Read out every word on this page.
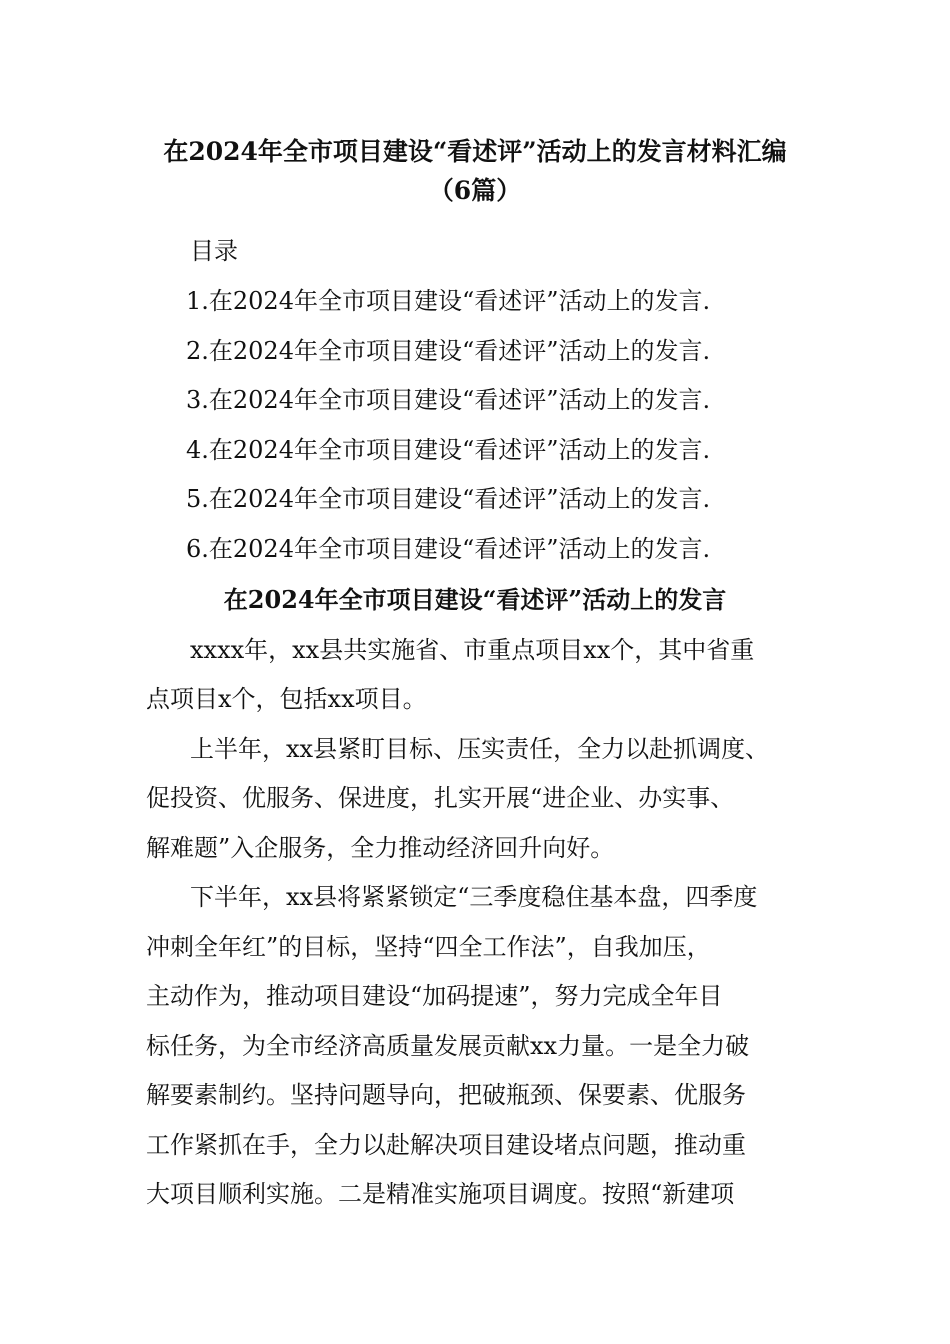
在2024年全市项目建设“看述评”活动上的发言材料汇编
（6篇）
目录
1.在2024年全市项目建设“看述评”活动上的发言.
2.在2024年全市项目建设“看述评”活动上的发言.
3.在2024年全市项目建设“看述评”活动上的发言.
4.在2024年全市项目建设“看述评”活动上的发言.
5.在2024年全市项目建设“看述评”活动上的发言.
6.在2024年全市项目建设“看述评”活动上的发言.
在2024年全市项目建设“看述评”活动上的发言
xxxx年，xx县共实施省、市重点项目xx个，其中省重
点项目x个，包括xx项目。
上半年，xx县紧盯目标、压实责任，全力以赴抓调度、
促投资、优服务、保进度，扎实开展“进企业、办实事、
解难题”入企服务，全力推动经济回升向好。
下半年，xx县将紧紧锁定“三季度稳住基本盘，四季度
冲刺全年红”的目标，坚持“四全工作法”，自我加压，
主动作为，推动项目建设“加码提速”，努力完成全年目
标任务，为全市经济高质量发展贡献xx力量。一是全力破
解要素制约。坚持问题导向，把破瓶颈、保要素、优服务
工作紧抓在手，全力以赴解决项目建设堵点问题，推动重
大项目顺利实施。二是精准实施项目调度。按照“新建项
